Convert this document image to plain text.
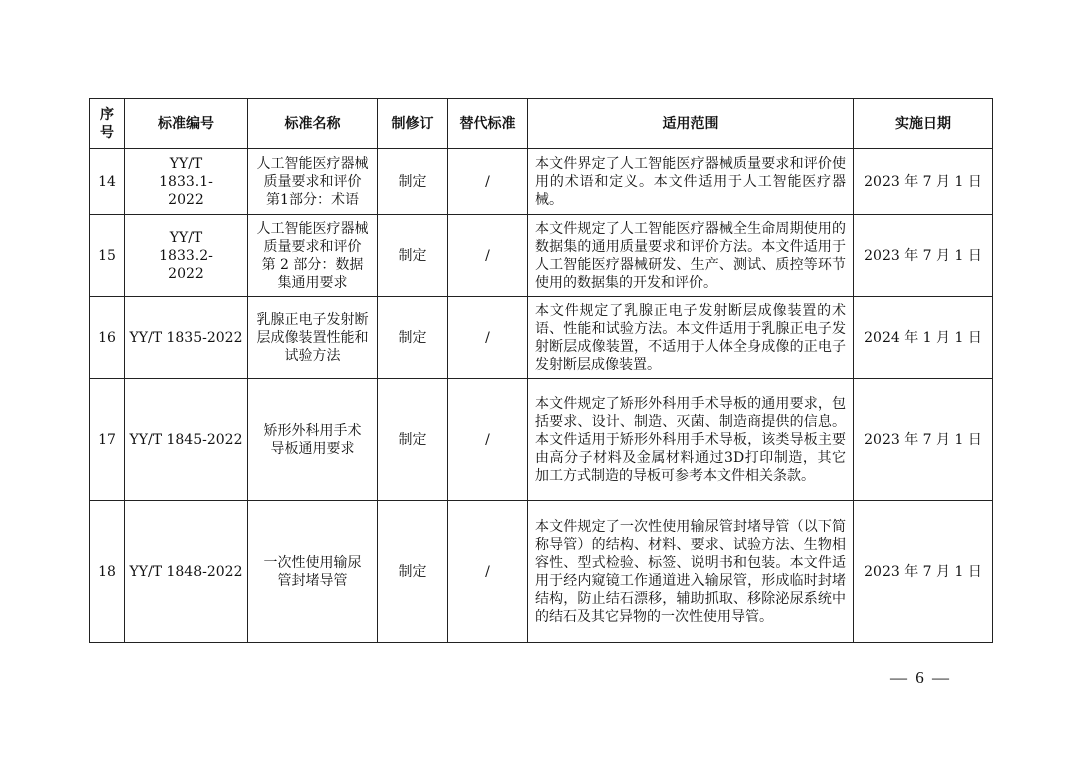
序号	标准编号	标准名称	制修订	替代标准	适用范围	实施日期
14	YY/T 1833.1-2022	人工智能医疗器械质量要求和评价 第1部分：术语	制定	/	本文件界定了人工智能医疗器械质量要求和评价使用的术语和定义。本文件适用于人工智能医疗器械。	2023 年 7 月 1 日
15	YY/T 1833.2-2022	人工智能医疗器械 质量要求和评价 第 2 部分：数据集通用要求	制定	/	本文件规定了人工智能医疗器械全生命周期使用的数据集的通用质量要求和评价方法。本文件适用于人工智能医疗器械研发、生产、测试、质控等环节使用的数据集的开发和评价。	2023 年 7 月 1 日
16	YY/T 1835-2022	乳腺正电子发射断层成像装置性能和试验方法	制定	/	本文件规定了乳腺正电子发射断层成像装置的术语、性能和试验方法。本文件适用于乳腺正电子发射断层成像装置，不适用于人体全身成像的正电子发射断层成像装置。	2024 年 1 月 1 日
17	YY/T 1845-2022	矫形外科用手术导板通用要求	制定	/	本文件规定了矫形外科用手术导板的通用要求，包括要求、设计、制造、灭菌、制造商提供的信息。本文件适用于矫形外科用手术导板，该类导板主要由高分子材料及金属材料通过3D打印制造，其它加工方式制造的导板可参考本文件相关条款。	2023 年 7 月 1 日
18	YY/T 1848-2022	一次性使用输尿管封堵导管	制定	/	本文件规定了一次性使用输尿管封堵导管（以下简称导管）的结构、材料、要求、试验方法、生物相容性、型式检验、标签、说明书和包装。本文件适用于经内窥镜工作通道进入输尿管，形成临时封堵结构，防止结石漂移，辅助抓取、移除泌尿系统中的结石及其它异物的一次性使用导管。	2023 年 7 月 1 日
— 6 —
